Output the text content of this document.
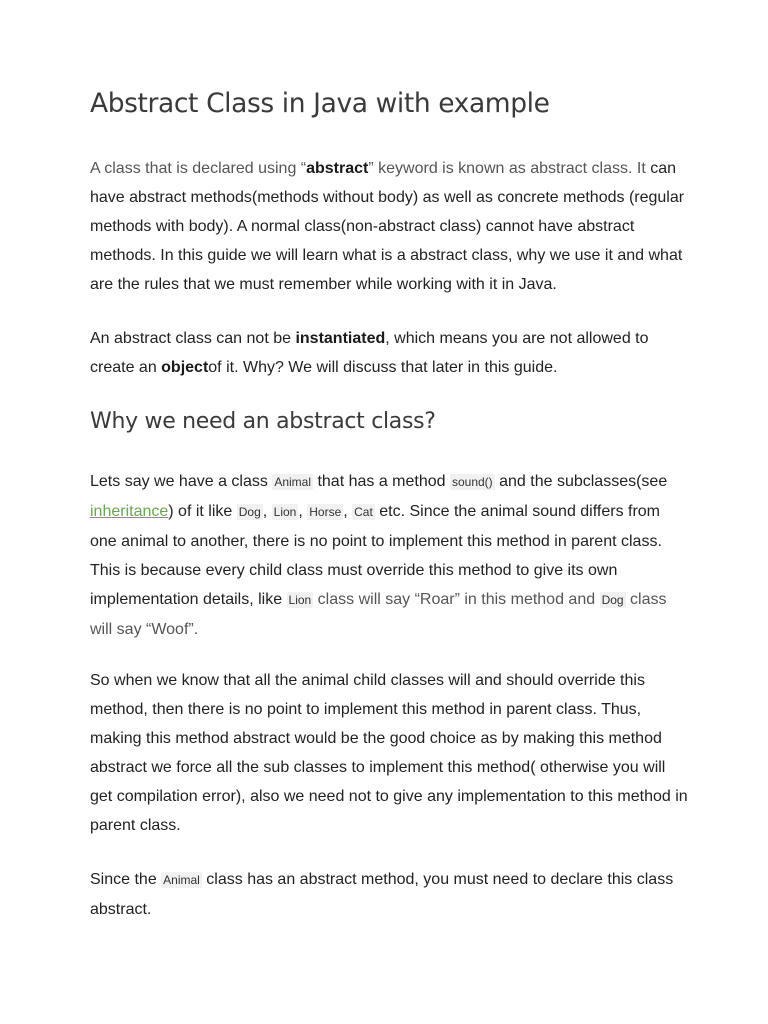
Abstract Class in Java with example

A class that is declared using “abstract” keyword is known as abstract class. It can have abstract methods(methods without body) as well as concrete methods (regular methods with body). A normal class(non-abstract class) cannot have abstract methods. In this guide we will learn what is a abstract class, why we use it and what are the rules that we must remember while working with it in Java.

An abstract class can not be instantiated, which means you are not allowed to create an objectof it. Why? We will discuss that later in this guide.

Why we need an abstract class?

Lets say we have a class Animal that has a method sound() and the subclasses(see inheritance) of it like Dog , Lion , Horse , Cat etc. Since the animal sound differs from one animal to another, there is no point to implement this method in parent class. This is because every child class must override this method to give its own implementation details, like Lion class will say “Roar” in this method and Dog class will say “Woof”.

So when we know that all the animal child classes will and should override this method, then there is no point to implement this method in parent class. Thus, making this method abstract would be the good choice as by making this method abstract we force all the sub classes to implement this method( otherwise you will get compilation error), also we need not to give any implementation to this method in parent class.

Since the Animal class has an abstract method, you must need to declare this class abstract.
